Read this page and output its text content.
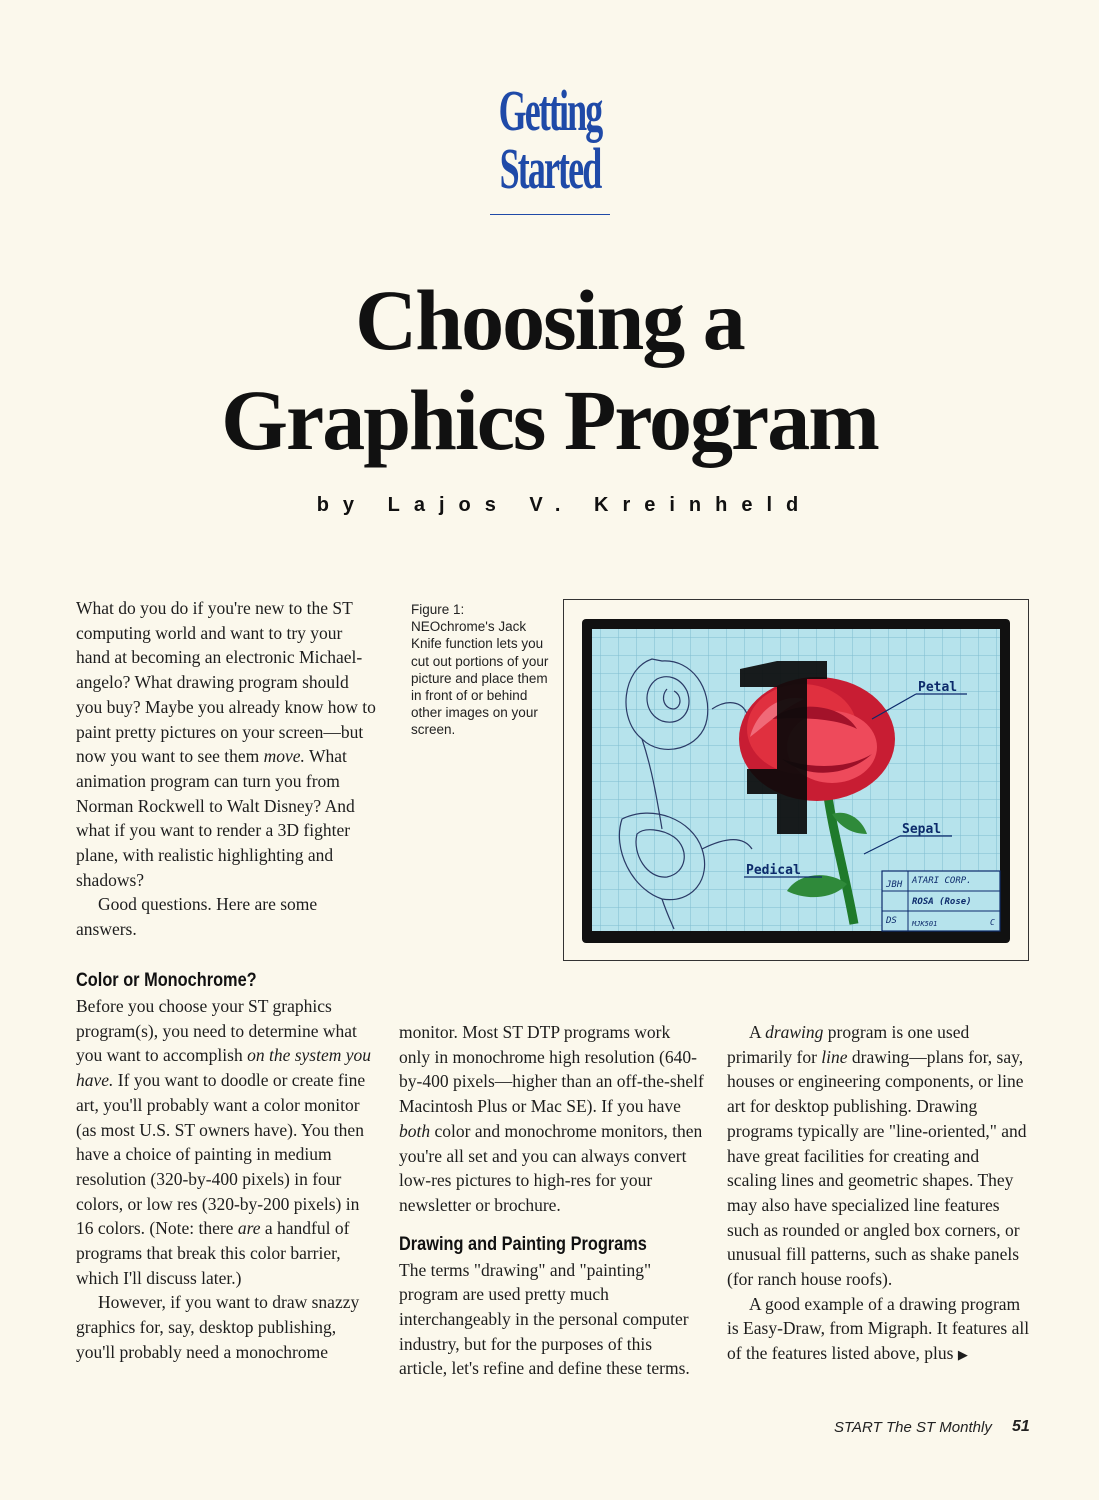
Getting
Started
Choosing a
Graphics Program
by Lajos V. Kreinheld

What do you do if you're new to the ST computing world and want to try your hand at becoming an electronic Michael-angelo? What drawing program should you buy? Maybe you already know how to paint pretty pictures on your screen—but now you want to see them move. What animation program can turn you from Norman Rockwell to Walt Disney? And what if you want to render a 3D fighter plane, with realistic highlighting and shadows?

Good questions. Here are some answers.

Figure 1: NEOchrome's Jack Knife function lets you cut out portions of your picture and place them in front of or behind other images on your screen.
Petal
Sepal
Pedical
JBH ATARI CORP.
ROSA (Rose)
DS MJK501	C
Color or Monochrome?

Before you choose your ST graphics program(s), you need to determine what you want to accomplish on the system you have. If you want to doodle or create fine art, you'll probably want a color monitor (as most U.S. ST owners have). You then have a choice of painting in medium resolution (320-by-400 pixels) in four colors, or low res (320-by-200 pixels) in 16 colors. (Note: there are a handful of programs that break this color barrier, which I'll discuss later.)

However, if you want to draw snazzy graphics for, say, desktop publishing, you'll probably need a monochrome

monitor. Most ST DTP programs work only in monochrome high resolution (640-by-400 pixels—higher than an off-the-shelf Macintosh Plus or Mac SE). If you have both color and monochrome monitors, then you're all set and you can always convert low-res pictures to high-res for your newsletter or brochure.

Drawing and Painting Programs

The terms "drawing" and "painting" program are used pretty much interchangeably in the personal computer industry, but for the purposes of this article, let's refine and define these terms.

A drawing program is one used primarily for line drawing—plans for, say, houses or engineering components, or line art for desktop publishing. Drawing programs typically are "line-oriented," and have great facilities for creating and scaling lines and geometric shapes. They may also have specialized line features such as rounded or angled box corners, or unusual fill patterns, such as shake panels (for ranch house roofs).

A good example of a drawing program is Easy-Draw, from Migraph. It features all of the features listed above, plus ▶

START The ST Monthly 51
